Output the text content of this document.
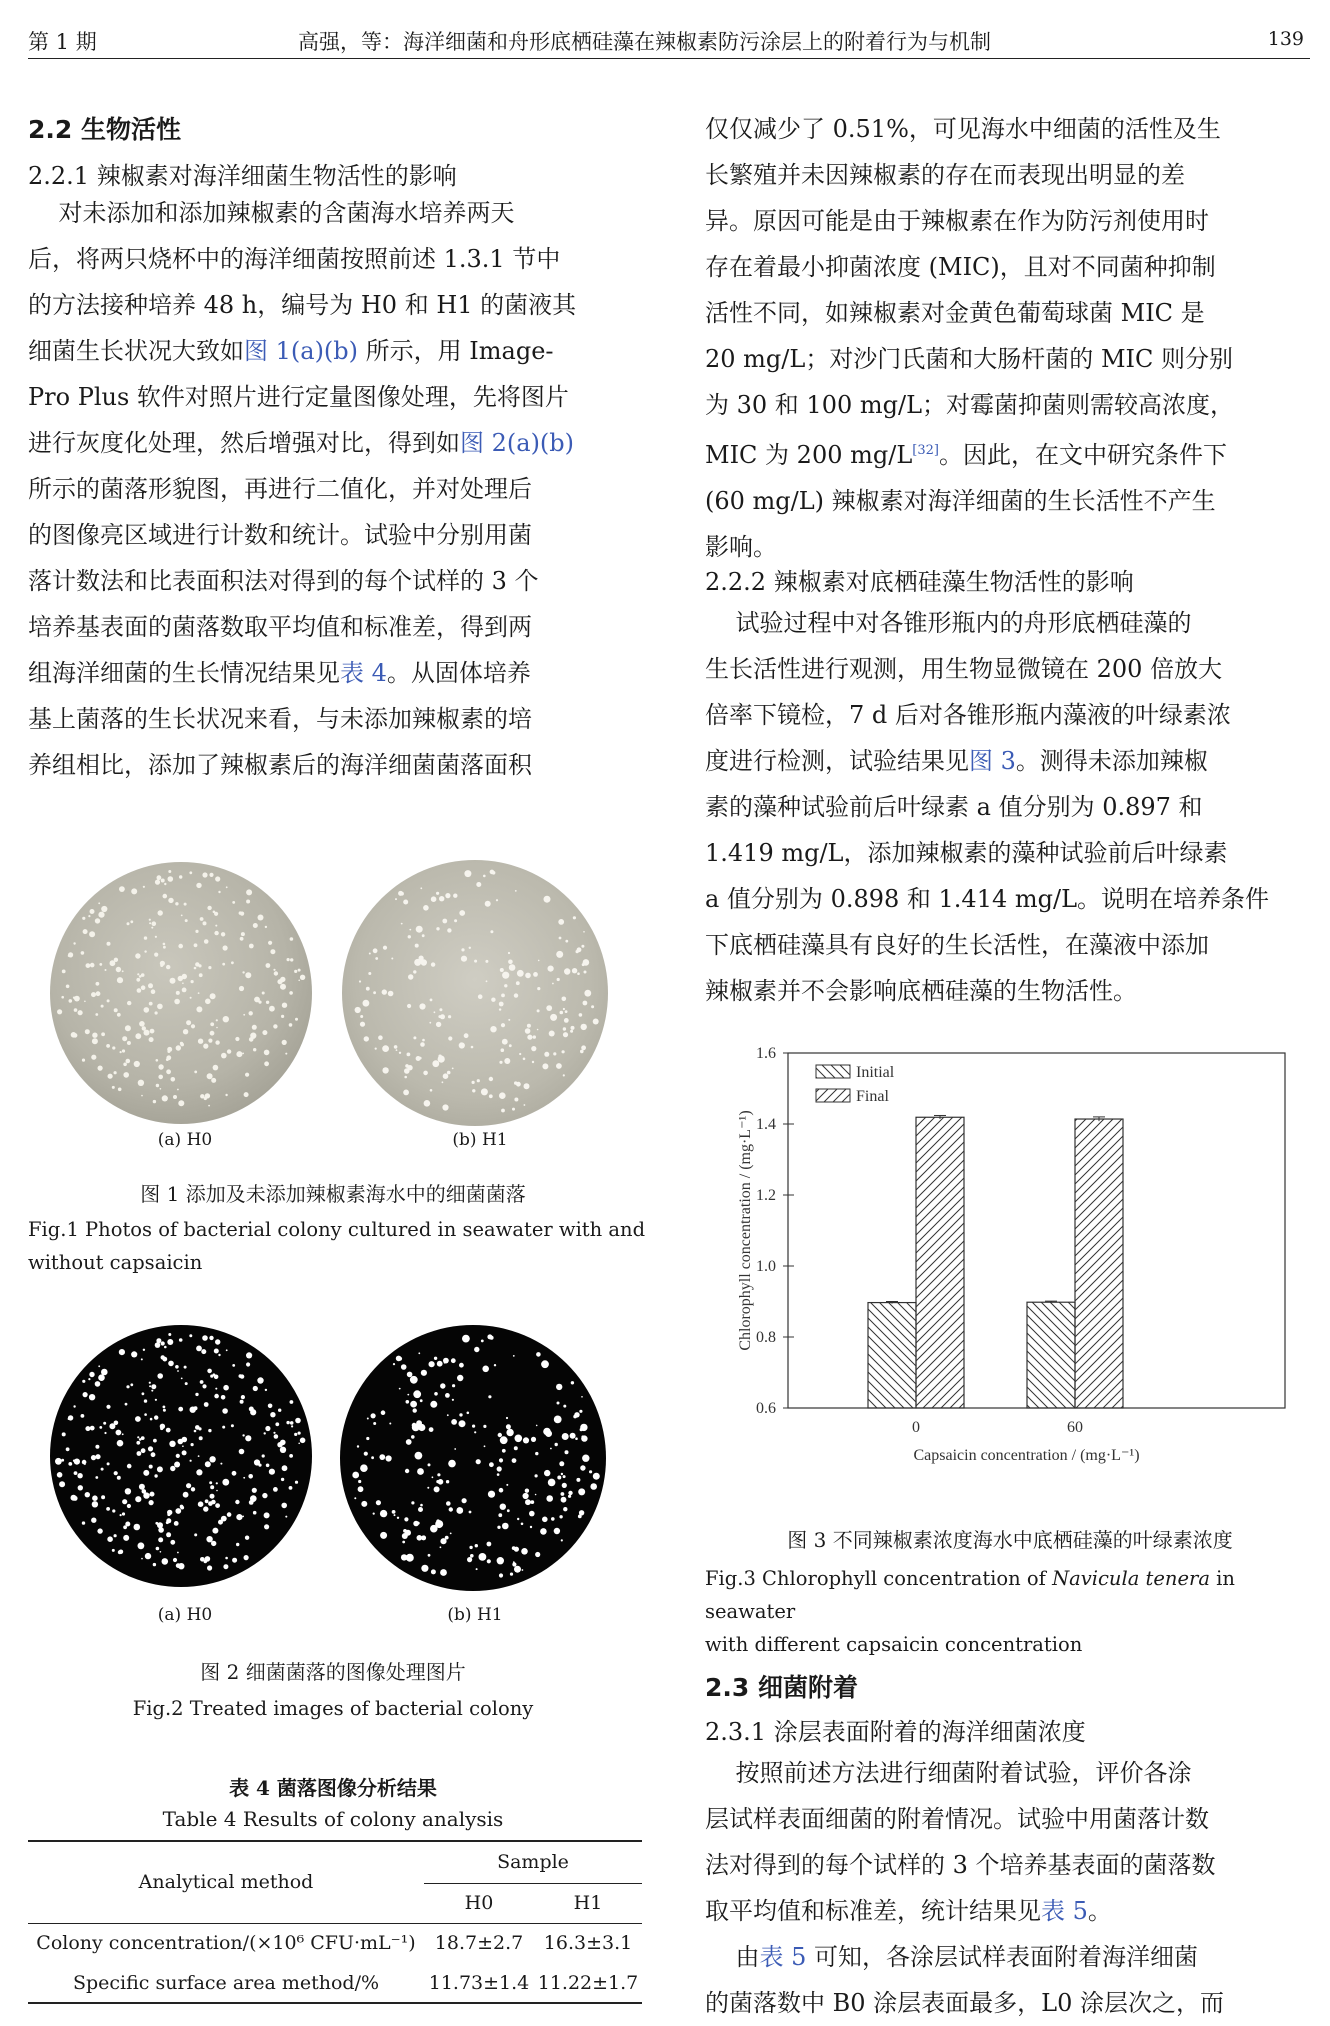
第 1 期	高强，等：海洋细菌和舟形底栖硅藻在辣椒素防污涂层上的附着行为与机制	139
2.2 生物活性
2.2.1 辣椒素对海洋细菌生物活性的影响
对未添加和添加辣椒素的含菌海水培养两天
后，将两只烧杯中的海洋细菌按照前述 1.3.1 节中
的方法接种培养 48 h，编号为 H0 和 H1 的菌液其
细菌生长状况大致如图 1(a)(b) 所示，用 Image-
Pro Plus 软件对照片进行定量图像处理，先将图片
进行灰度化处理，然后增强对比，得到如图 2(a)(b)
所示的菌落形貌图，再进行二值化，并对处理后
的图像亮区域进行计数和统计。试验中分别用菌
落计数法和比表面积法对得到的每个试样的 3 个
培养基表面的菌落数取平均值和标准差，得到两
组海洋细菌的生长情况结果见表 4。从固体培养
基上菌落的生长状况来看，与未添加辣椒素的培
养组相比，添加了辣椒素后的海洋细菌菌落面积
(a) H0	(b) H1
图 1 添加及未添加辣椒素海水中的细菌菌落
Fig.1 Photos of bacterial colony cultured in seawater with and
without capsaicin
(a) H0	(b) H1
图 2 细菌菌落的图像处理图片
Fig.2 Treated images of bacterial colony
表 4 菌落图像分析结果
Table 4 Results of colony analysis
Analytical method	Sample	
	H0	H1
Colony concentration/(×10⁶ CFU·mL⁻¹)	18.7±2.7	16.3±3.1
Specific surface area method/%	11.73±1.4	11.22±1.7
仅仅减少了 0.51%，可见海水中细菌的活性及生
长繁殖并未因辣椒素的存在而表现出明显的差
异。原因可能是由于辣椒素在作为防污剂使用时
存在着最小抑菌浓度 (MIC)，且对不同菌种抑制
活性不同，如辣椒素对金黄色葡萄球菌 MIC 是
20 mg/L；对沙门氏菌和大肠杆菌的 MIC 则分别
为 30 和 100 mg/L；对霉菌抑菌则需较高浓度，
MIC 为 200 mg/L[32]。因此，在文中研究条件下
(60 mg/L) 辣椒素对海洋细菌的生长活性不产生
影响。
2.2.2 辣椒素对底栖硅藻生物活性的影响
试验过程中对各锥形瓶内的舟形底栖硅藻的
生长活性进行观测，用生物显微镜在 200 倍放大
倍率下镜检，7 d 后对各锥形瓶内藻液的叶绿素浓
度进行检测，试验结果见图 3。测得未添加辣椒
素的藻种试验前后叶绿素 a 值分别为 0.897 和
1.419 mg/L，添加辣椒素的藻种试验前后叶绿素
a 值分别为 0.898 和 1.414 mg/L。说明在培养条件
下底栖硅藻具有良好的生长活性，在藻液中添加
辣椒素并不会影响底栖硅藻的生物活性。
0.6
0.8
1.0
1.2
1.4
1.6
0	60
Initial
Final
Capsaicin concentration / (mg·L⁻¹)
Chlorophyll concentration / (mg·L⁻¹)
图 3 不同辣椒素浓度海水中底栖硅藻的叶绿素浓度
Fig.3 Chlorophyll concentration of Navicula tenera in seawater
with different capsaicin concentration
2.3 细菌附着
2.3.1 涂层表面附着的海洋细菌浓度
按照前述方法进行细菌附着试验，评价各涂
层试样表面细菌的附着情况。试验中用菌落计数
法对得到的每个试样的 3 个培养基表面的菌落数
取平均值和标准差，统计结果见表 5。
由表 5 可知，各涂层试样表面附着海洋细菌
的菌落数中 B0 涂层表面最多，L0 涂层次之，而
